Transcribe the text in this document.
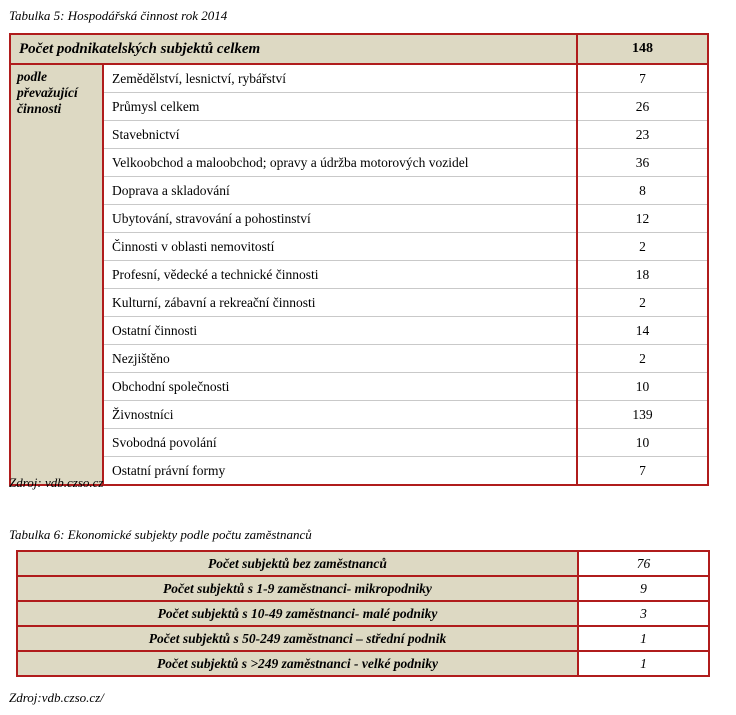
Tabulka 5: Hospodářská činnost rok 2014
Počet podnikatelských subjektů celkem		148
podle převažující činnosti	Zemědělství, lesnictví, rybářství	7
	Průmysl celkem	26
	Stavebnictví	23
	Velkoobchod a maloobchod; opravy a údržba motorových vozidel	36
	Doprava a skladování	8
	Ubytování, stravování a pohostinství	12
	Činnosti v oblasti nemovitostí	2
	Profesní, vědecké a technické činnosti	18
	Kulturní, zábavní a rekreační činnosti	2
	Ostatní činnosti	14
	Nezjištěno	2
	Obchodní společnosti	10
	Živnostníci	139
	Svobodná povolání	10
	Ostatní právní formy	7
Zdroj: vdb.czso.cz
Tabulka 6: Ekonomické subjekty podle počtu zaměstnanců
Počet subjektů bez zaměstnanců	76
Počet subjektů s 1-9 zaměstnanci- mikropodniky	9
Počet subjektů s 10-49 zaměstnanci- malé podniky	3
Počet subjektů s 50-249 zaměstnanci – střední podnik	1
Počet subjektů s >249 zaměstnanci - velké podniky	1
Zdroj:vdb.czso.cz/
